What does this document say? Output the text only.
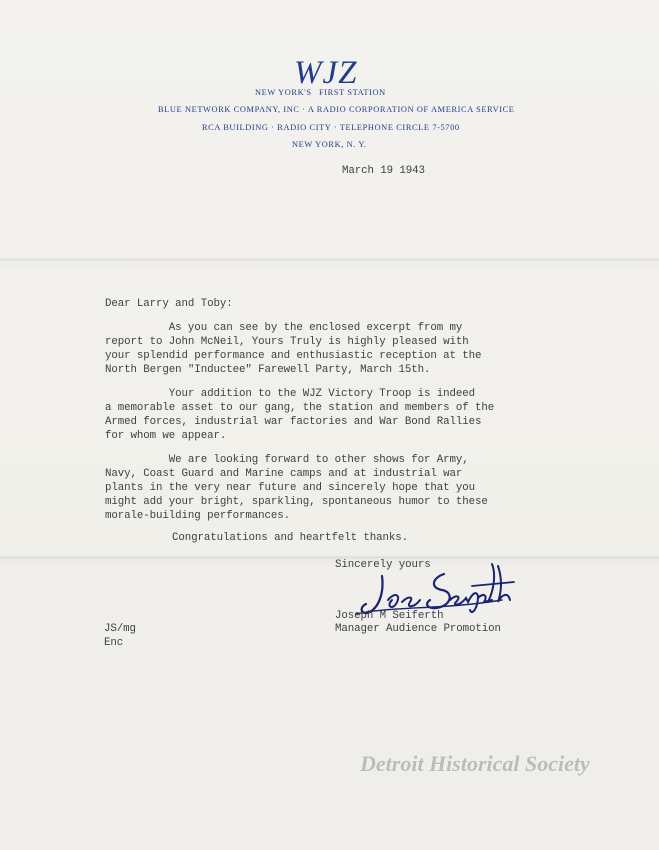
WJZ
NEW YORK'S FIRST STATION
BLUE NETWORK COMPANY, INC · A RADIO CORPORATION OF AMERICA SERVICE
RCA BUILDING · RADIO CITY · TELEPHONE CIRCLE 7-5700
NEW YORK, N. Y.
March 19 1943
Dear Larry and Toby:
As you can see by the enclosed excerpt from my
report to John McNeil, Yours Truly is highly pleased with
your splendid performance and enthusiastic reception at the
North Bergen "Inductee" Farewell Party, March 15th.
Your addition to the WJZ Victory Troop is indeed
a memorable asset to our gang, the station and members of the
Armed forces, industrial war factories and War Bond Rallies
for whom we appear.
We are looking forward to other shows for Army,
Navy, Coast Guard and Marine camps and at industrial war
plants in the very near future and sincerely hope that you
might add your bright, sparkling, spontaneous humor to these
morale-building performances.
Congratulations and heartfelt thanks.
Sincerely yours
Joseph M Seiferth
Manager Audience Promotion
JS/mg
Enc
Detroit Historical Society
